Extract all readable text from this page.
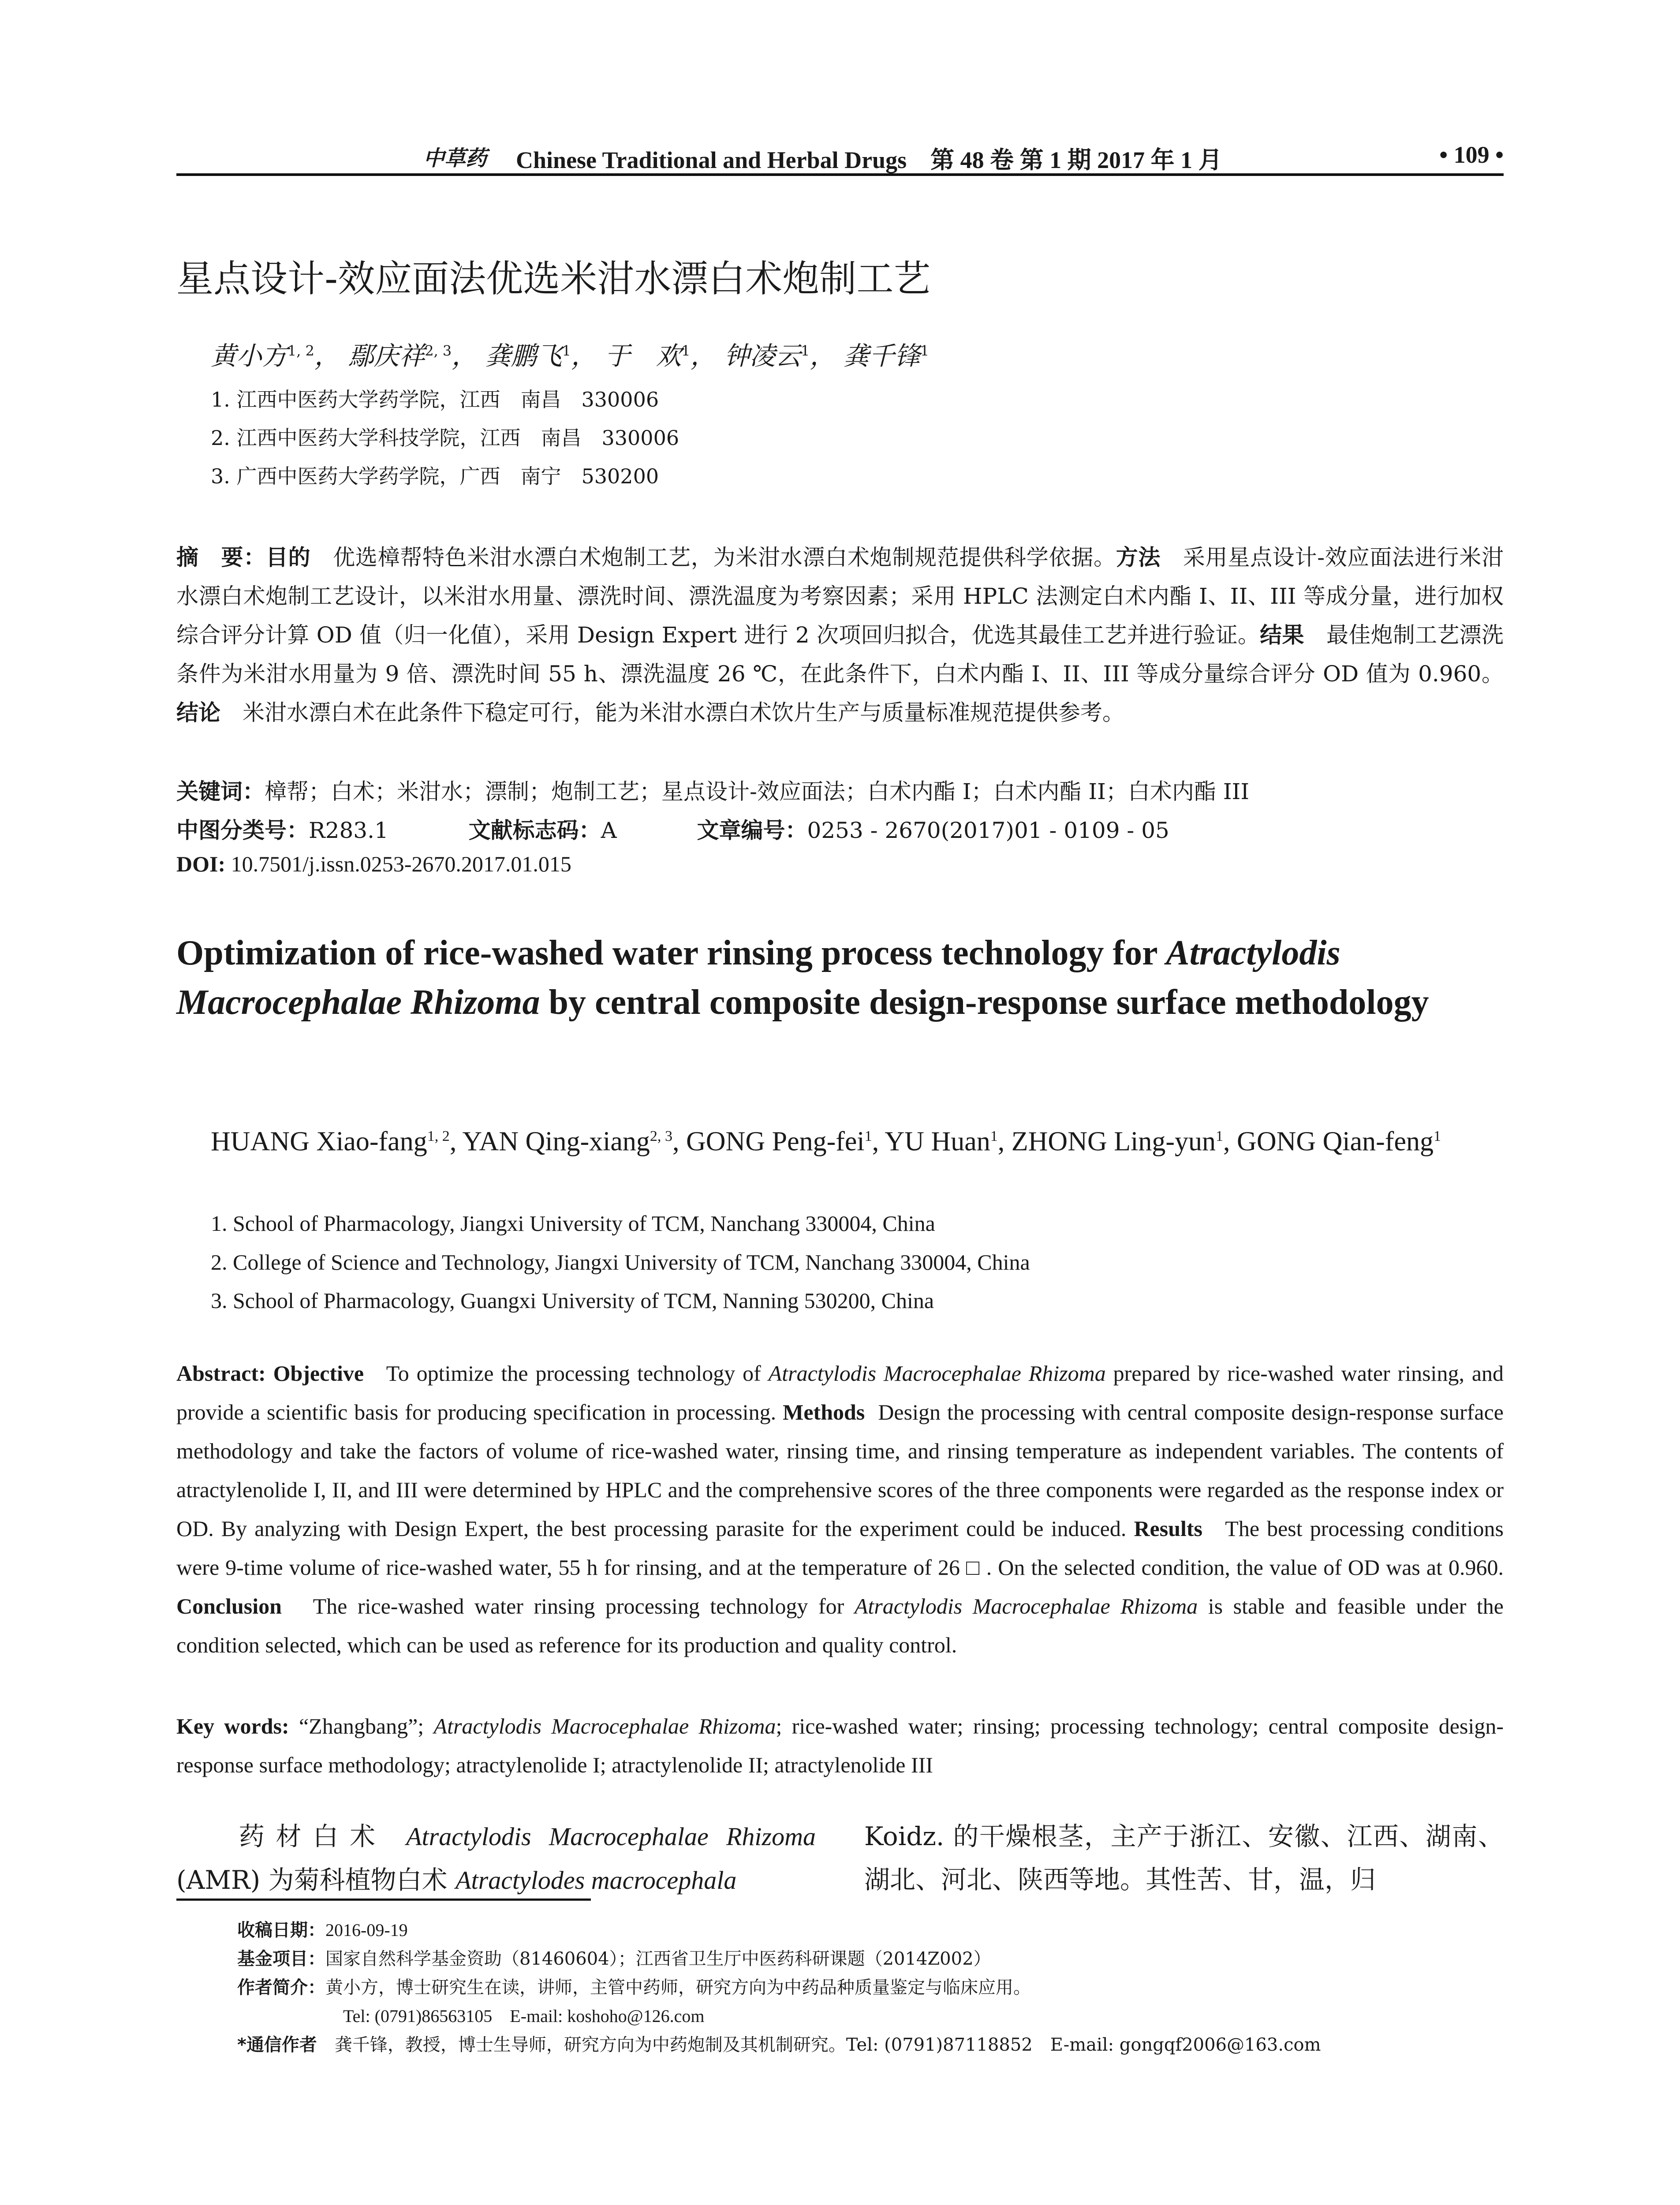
中草药 Chinese Traditional and Herbal Drugs　第 48 卷 第 1 期 2017 年 1 月	• 109 •
星点设计-效应面法优选米泔水漂白术炮制工艺
黄小方$^{1, 2}$， 鄢庆祥$^{2, 3}$， 龚鹏飞$^1$， 于　欢$^1$， 钟凌云$^1$， 龚千锋$^1$
1. 江西中医药大学药学院，江西　南昌　330006
2. 江西中医药大学科技学院，江西　南昌　330006
3. 广西中医药大学药学院，广西　南宁　530200
摘　要：目的　 优选樟帮特色米泔水漂白术炮制工艺，为米泔水漂白术炮制规范提供科学依据。方法　 采用星点设计-效应面法进行米泔水漂白术炮制工艺设计，以米泔水用量、漂洗时间、漂洗温度为考察因素；采用 HPLC 法测定白术内酯 I、II、III 等成分量，进行加权综合评分计算 OD 值（归一化值），采用 Design Expert 进行 2 次项回归拟合，优选其最佳工艺并进行验证。结果　 最佳炮制工艺漂洗条件为米泔水用量为 9 倍、漂洗时间 55 h、漂洗温度 26 ℃，在此条件下，白术内酯 I、II、III 等成分量综合评分 OD 值为 0.960。结论　 米泔水漂白术在此条件下稳定可行，能为米泔水漂白术饮片生产与质量标准规范提供参考。
关键词：樟帮；白术；米泔水；漂制；炮制工艺；星点设计-效应面法；白术内酯 I；白术内酯 II；白术内酯 III
中图分类号：R283.1	文献标志码：A	文章编号：0253 - 2670(2017)01 - 0109 - 05
DOI: 10.7501/j.issn.0253-2670.2017.01.015
Optimization of rice-washed water rinsing process technology for Atractylodis Macrocephalae Rhizoma by central composite design-response surface methodology
HUANG Xiao-fang$^{1, 2}$, YAN Qing-xiang$^{2, 3}$, GONG Peng-fei$^1$, YU Huan$^1$, ZHONG Ling-yun$^1$, GONG Qian-feng$^1$
1. School of Pharmacology, Jiangxi University of TCM, Nanchang 330004, China
2. College of Science and Technology, Jiangxi University of TCM, Nanchang 330004, China
3. School of Pharmacology, Guangxi University of TCM, Nanning 530200, China
Abstract: Objective To optimize the processing technology of Atractylodis Macrocephalae Rhizoma prepared by rice-washed water rinsing, and provide a scientific basis for producing specification in processing. Methods Design the processing with central composite design-response surface methodology and take the factors of volume of rice-washed water, rinsing time, and rinsing temperature as independent variables. The contents of atractylenolide I, II, and III were determined by HPLC and the comprehensive scores of the three components were regarded as the response index or OD. By analyzing with Design Expert, the best processing parasite for the experiment could be induced. Results The best processing conditions were 9-time volume of rice-washed water, 55 h for rinsing, and at the temperature of 26 □ . On the selected condition, the value of OD was at 0.960. Conclusion The rice-washed water rinsing processing technology for Atractylodis Macrocephalae Rhizoma is stable and feasible under the condition selected, which can be used as reference for its production and quality control.
Key words: “Zhangbang”; Atractylodis Macrocephalae Rhizoma; rice-washed water; rinsing; processing technology; central composite design-response surface methodology; atractylenolide I; atractylenolide II; atractylenolide III
药材白术 Atractylodis Macrocephalae Rhizoma (AMR) 为菊科植物白术 Atractylodes macrocephala
Koidz. 的干燥根茎，主产于浙江、安徽、江西、湖南、湖北、河北、陕西等地。其性苦、甘，温，归
收稿日期：2016-09-19
基金项目：国家自然科学基金资助（81460604）；江西省卫生厅中医药科研课题（2014Z002）
作者简介：黄小方，博士研究生在读，讲师，主管中药师，研究方向为中药品种质量鉴定与临床应用。
Tel: (0791)86563105　E-mail: koshoho@126.com
*通信作者　 龚千锋，教授，博士生导师，研究方向为中药炮制及其机制研究。Tel: (0791)87118852　E-mail: gongqf2006@163.com
